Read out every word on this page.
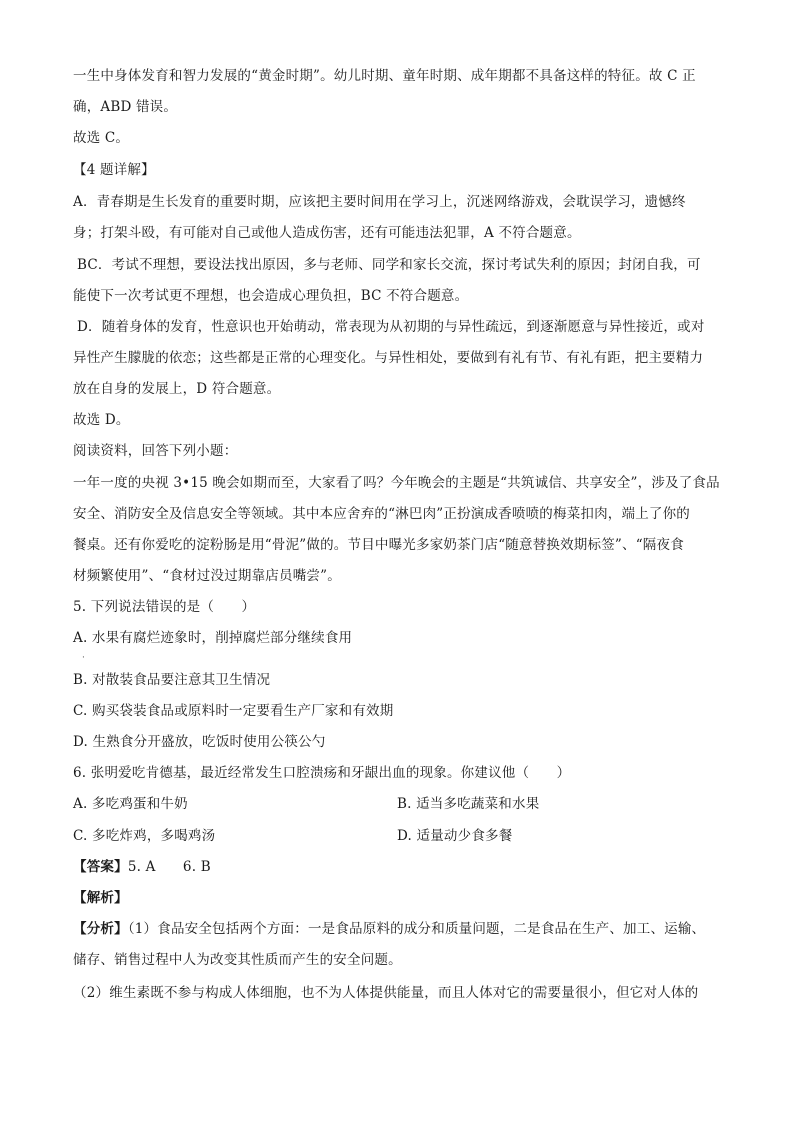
一生中身体发育和智力发展的“黄金时期”。幼儿时期、童年时期、成年期都不具备这样的特征。故 C 正
确，ABD 错误。
故选 C。
【4 题详解】
A．青春期是生长发育的重要时期，应该把主要时间用在学习上，沉迷网络游戏，会耽误学习，遗憾终
身；打架斗殴，有可能对自己或他人造成伤害，还有可能违法犯罪，A 不符合题意。
BC．考试不理想，要设法找出原因，多与老师、同学和家长交流，探讨考试失利的原因；封闭自我，可
能使下一次考试更不理想，也会造成心理负担，BC 不符合题意。
D．随着身体的发育，性意识也开始萌动，常表现为从初期的与异性疏远，到逐渐愿意与异性接近，或对
异性产生朦胧的依恋；这些都是正常的心理变化。与异性相处，要做到有礼有节、有礼有距，把主要精力
放在自身的发展上，D 符合题意。
故选 D。
阅读资料，回答下列小题：
一年一度的央视 3•15 晚会如期而至，大家看了吗？今年晚会的主题是“共筑诚信、共享安全”，涉及了食品
安全、消防安全及信息安全等领域。其中本应舍弃的“淋巴肉”正扮演成香喷喷的梅菜扣肉，端上了你的
餐桌。还有你爱吃的淀粉肠是用“骨泥”做的。节目中曝光多家奶茶门店“随意替换效期标签”、“隔夜食
材频繁使用”、“食材过没过期靠店员嘴尝”。
5. 下列说法错误的是（　　）
A. 水果有腐烂迹象时，削掉腐烂部分继续食用
·
B. 对散装食品要注意其卫生情况
C. 购买袋装食品或原料时一定要看生产厂家和有效期
D. 生熟食分开盛放，吃饭时使用公筷公勺
6. 张明爱吃肯德基，最近经常发生口腔溃疡和牙龈出血的现象。你建议他（　　）
A. 多吃鸡蛋和牛奶	B. 适当多吃蔬菜和水果
C. 多吃炸鸡，多喝鸡汤	D. 适量动少食多餐
【答案】5. A　　6. B
【解析】
【分析】（1）食品安全包括两个方面：一是食品原料的成分和质量问题，二是食品在生产、加工、运输、
储存、销售过程中人为改变其性质而产生的安全问题。
（2）维生素既不参与构成人体细胞，也不为人体提供能量，而且人体对它的需要量很小，但它对人体的
